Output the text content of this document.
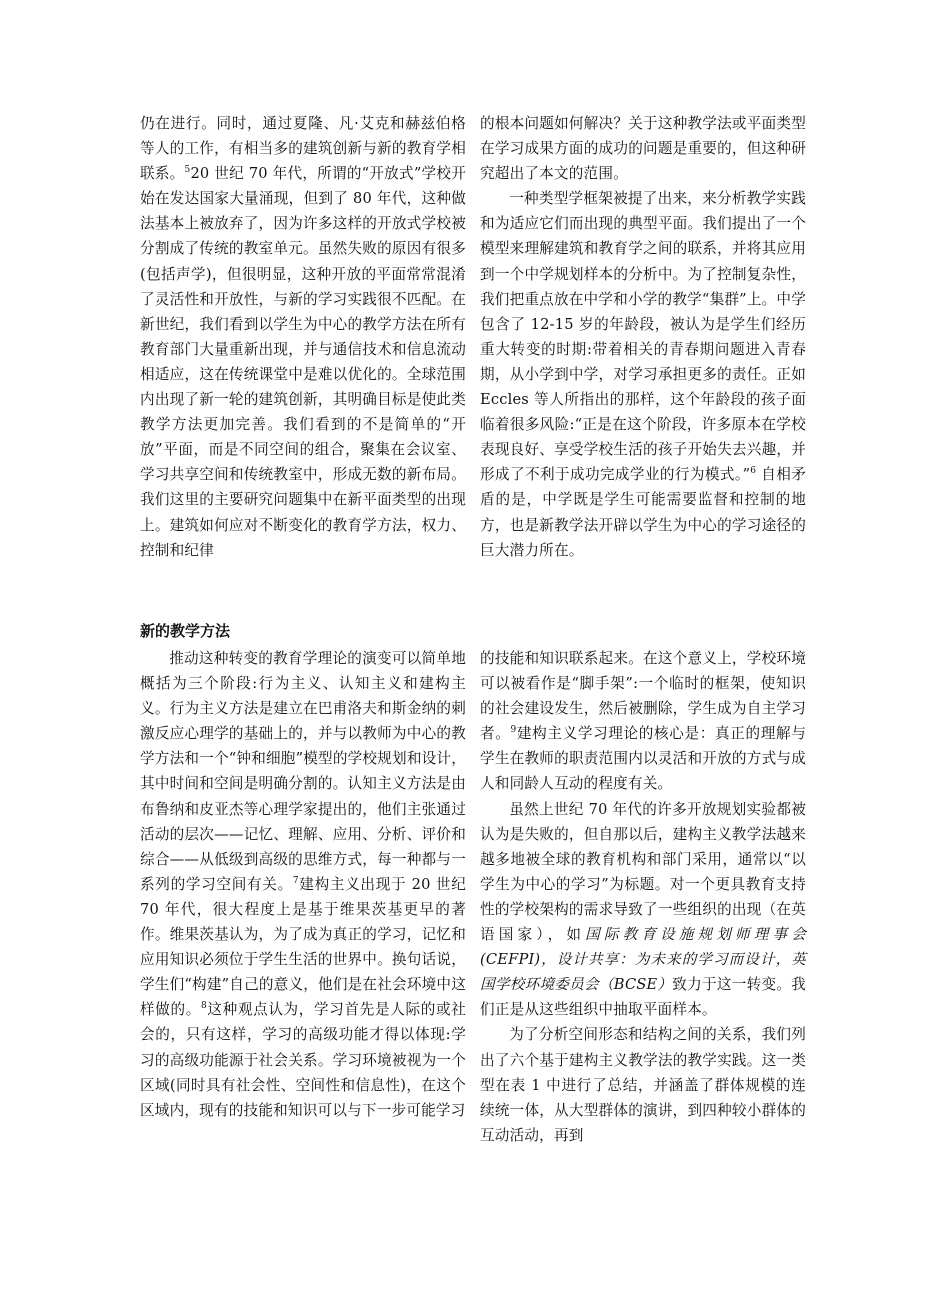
仍在进行。同时，通过夏隆、凡·艾克和赫兹伯格等人的工作，有相当多的建筑创新与新的教育学相联系。$^5$20 世纪 70 年代，所谓的“开放式”学校开始在发达国家大量涌现，但到了 80 年代，这种做法基本上被放弃了，因为许多这样的开放式学校被分割成了传统的教室单元。虽然失败的原因有很多(包括声学)，但很明显，这种开放的平面常常混淆了灵活性和开放性，与新的学习实践很不匹配。在新世纪，我们看到以学生为中心的教学方法在所有教育部门大量重新出现，并与通信技术和信息流动相适应，这在传统课堂中是难以优化的。全球范围内出现了新一轮的建筑创新，其明确目标是使此类教学方法更加完善。我们看到的不是简单的“开放”平面，而是不同空间的组合，聚集在会议室、学习共享空间和传统教室中，形成无数的新布局。我们这里的主要研究问题集中在新平面类型的出现上。建筑如何应对不断变化的教育学方法，权力、控制和纪律

的根本问题如何解决？关于这种教学法或平面类型在学习成果方面的成功的问题是重要的，但这种研究超出了本文的范围。

一种类型学框架被提了出来，来分析教学实践和为适应它们而出现的典型平面。我们提出了一个模型来理解建筑和教育学之间的联系，并将其应用到一个中学规划样本的分析中。为了控制复杂性，我们把重点放在中学和小学的教学“集群”上。中学包含了 12-15 岁的年龄段，被认为是学生们经历重大转变的时期:带着相关的青春期问题进入青春期，从小学到中学，对学习承担更多的责任。正如 Eccles 等人所指出的那样，这个年龄段的孩子面临着很多风险:“正是在这个阶段，许多原本在学校表现良好、享受学校生活的孩子开始失去兴趣，并形成了不利于成功完成学业的行为模式。”$^6$ 自相矛盾的是，中学既是学生可能需要监督和控制的地方，也是新教学法开辟以学生为中心的学习途径的巨大潜力所在。

新的教学方法

推动这种转变的教育学理论的演变可以简单地概括为三个阶段:行为主义、认知主义和建构主义。行为主义方法是建立在巴甫洛夫和斯金纳的刺激反应心理学的基础上的，并与以教师为中心的教学方法和一个“钟和细胞”模型的学校规划和设计，其中时间和空间是明确分割的。认知主义方法是由布鲁纳和皮亚杰等心理学家提出的，他们主张通过活动的层次——记忆、理解、应用、分析、评价和综合——从低级到高级的思维方式，每一种都与一系列的学习空间有关。$^7$建构主义出现于 20 世纪 70 年代，很大程度上是基于维果茨基更早的著作。维果茨基认为，为了成为真正的学习，记忆和应用知识必须位于学生生活的世界中。换句话说，学生们“构建”自己的意义，他们是在社会环境中这样做的。$^8$这种观点认为，学习首先是人际的或社会的，只有这样，学习的高级功能才得以体现:学习的高级功能源于社会关系。学习环境被视为一个区域(同时具有社会性、空间性和信息性)，在这个区域内，现有的技能和知识可以与下一步可能学习

的技能和知识联系起来。在这个意义上，学校环境可以被看作是“脚手架”:一个临时的框架，使知识的社会建设发生，然后被删除，学生成为自主学习者。$^9$建构主义学习理论的核心是：真正的理解与学生在教师的职责范围内以灵活和开放的方式与成人和同龄人互动的程度有关。

虽然上世纪 70 年代的许多开放规划实验都被认为是失败的，但自那以后，建构主义教学法越来越多地被全球的教育机构和部门采用，通常以“以学生为中心的学习”为标题。对一个更具教育支持性的学校架构的需求导致了一些组织的出现（在英语国家），如国际教育设施规划师理事会(CEFPI)，设计共享：为未来的学习而设计，英国学校环境委员会（BCSE）致力于这一转变。我们正是从这些组织中抽取平面样本。

为了分析空间形态和结构之间的关系，我们列出了六个基于建构主义教学法的教学实践。这一类型在表 1 中进行了总结，并涵盖了群体规模的连续统一体，从大型群体的演讲，到四种较小群体的互动活动，再到
